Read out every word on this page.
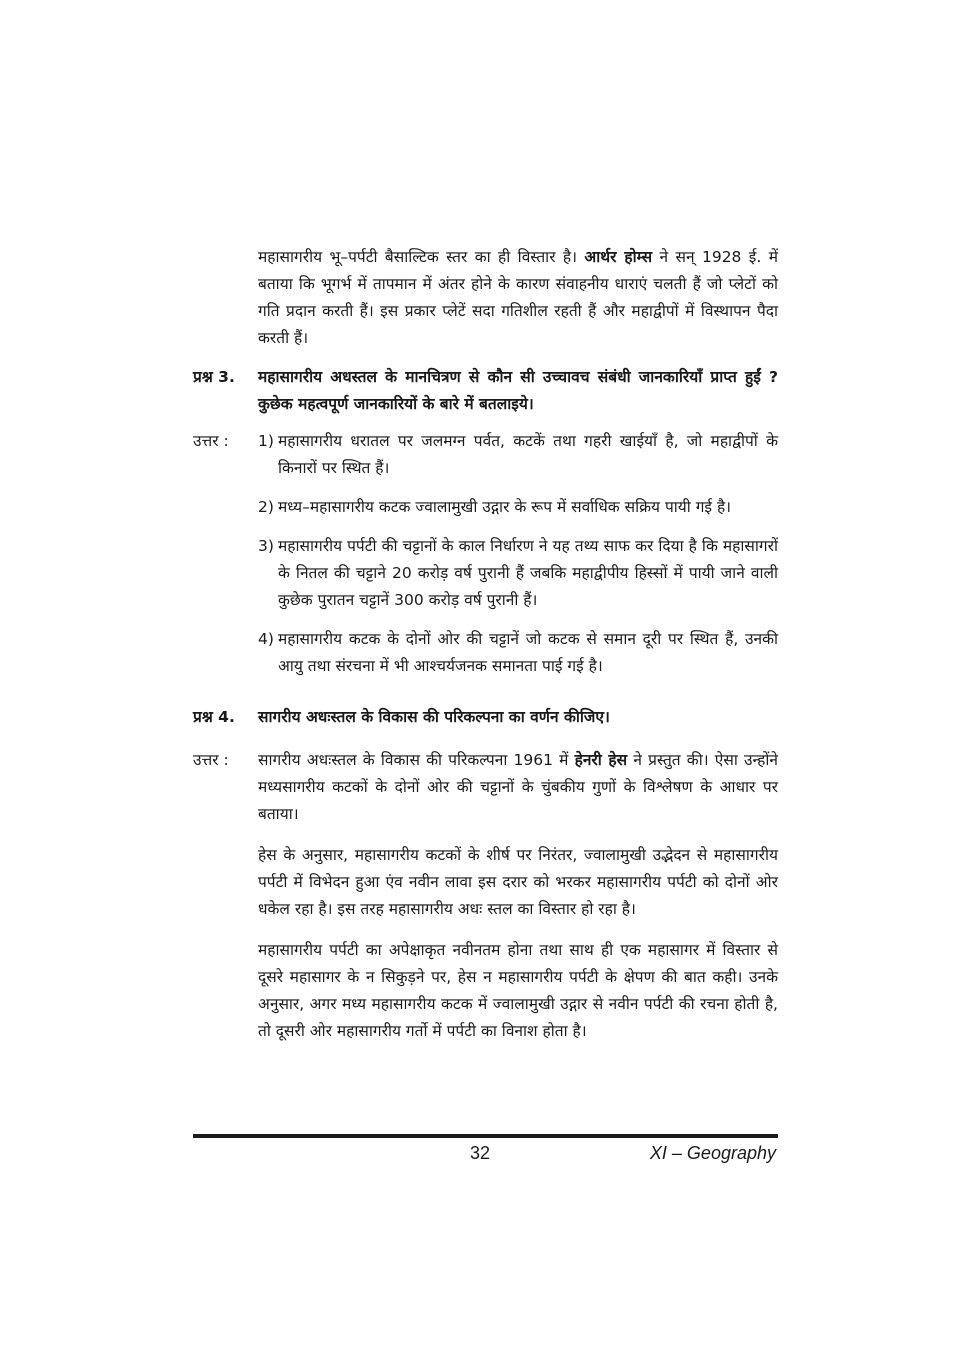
महासागरीय भू–पर्पटी बैसाल्टिक स्तर का ही विस्तार है। आर्थर होम्स ने सन् 1928 ई. में बताया कि भूगर्भ में तापमान में अंतर होने के कारण संवाहनीय धाराएं चलती हैं जो प्लेटों को गति प्रदान करती हैं। इस प्रकार प्लेटें सदा गतिशील रहती हैं और महाद्वीपों में विस्थापन पैदा करती हैं।

प्रश्न 3.	महासागरीय अधस्तल के मानचित्रण से कौन सी उच्चावच संबंधी जानकारियाँ प्राप्त हुईं ? कुछेक महत्वपूर्ण जानकारियों के बारे में बतलाइये।
उत्तर :	1) महासागरीय धरातल पर जलमग्न पर्वत, कटकें तथा गहरी खाईयाँ है, जो महाद्वीपों के किनारों पर स्थित हैं।
2) मध्य–महासागरीय कटक ज्वालामुखी उद्गार के रूप में सर्वाधिक सक्रिय पायी गई है।
3) महासागरीय पर्पटी की चट्टानों के काल निर्धारण ने यह तथ्य साफ कर दिया है कि महासागरों के नितल की चट्टाने 20 करोड़ वर्ष पुरानी हैं जबकि महाद्वीपीय हिस्सों में पायी जाने वाली कुछेक पुरातन चट्टानें 300 करोड़ वर्ष पुरानी हैं।
4) महासागरीय कटक के दोनों ओर की चट्टानें जो कटक से समान दूरी पर स्थित हैं, उनकी आयु तथा संरचना में भी आश्चर्यजनक समानता पाई गई है।
प्रश्न 4.	सागरीय अधःस्तल के विकास की परिकल्पना का वर्णन कीजिए।
उत्तर :	सागरीय अधःस्तल के विकास की परिकल्पना 1961 में हेनरी हेस ने प्रस्तुत की। ऐसा उन्होंने मध्यसागरीय कटकों के दोनों ओर की चट्टानों के चुंबकीय गुणों के विश्लेषण के आधार पर बताया।

हेस के अनुसार, महासागरीय कटकों के शीर्ष पर निरंतर, ज्वालामुखी उद्भेदन से महासागरीय पर्पटी में विभेदन हुआ एंव नवीन लावा इस दरार को भरकर महासागरीय पर्पटी को दोनों ओर धकेल रहा है। इस तरह महासागरीय अधः स्तल का विस्तार हो रहा है।

महासागरीय पर्पटी का अपेक्षाकृत नवीनतम होना तथा साथ ही एक महासागर में विस्तार से दूसरे महासागर के न सिकुड़ने पर, हेस न महासागरीय पर्पटी के क्षेपण की बात कही। उनके अनुसार, अगर मध्य महासागरीय कटक में ज्वालामुखी उद्गार से नवीन पर्पटी की रचना होती है, तो दूसरी ओर महासागरीय गर्तो में पर्पटी का विनाश होता है।

32	XI – Geography
